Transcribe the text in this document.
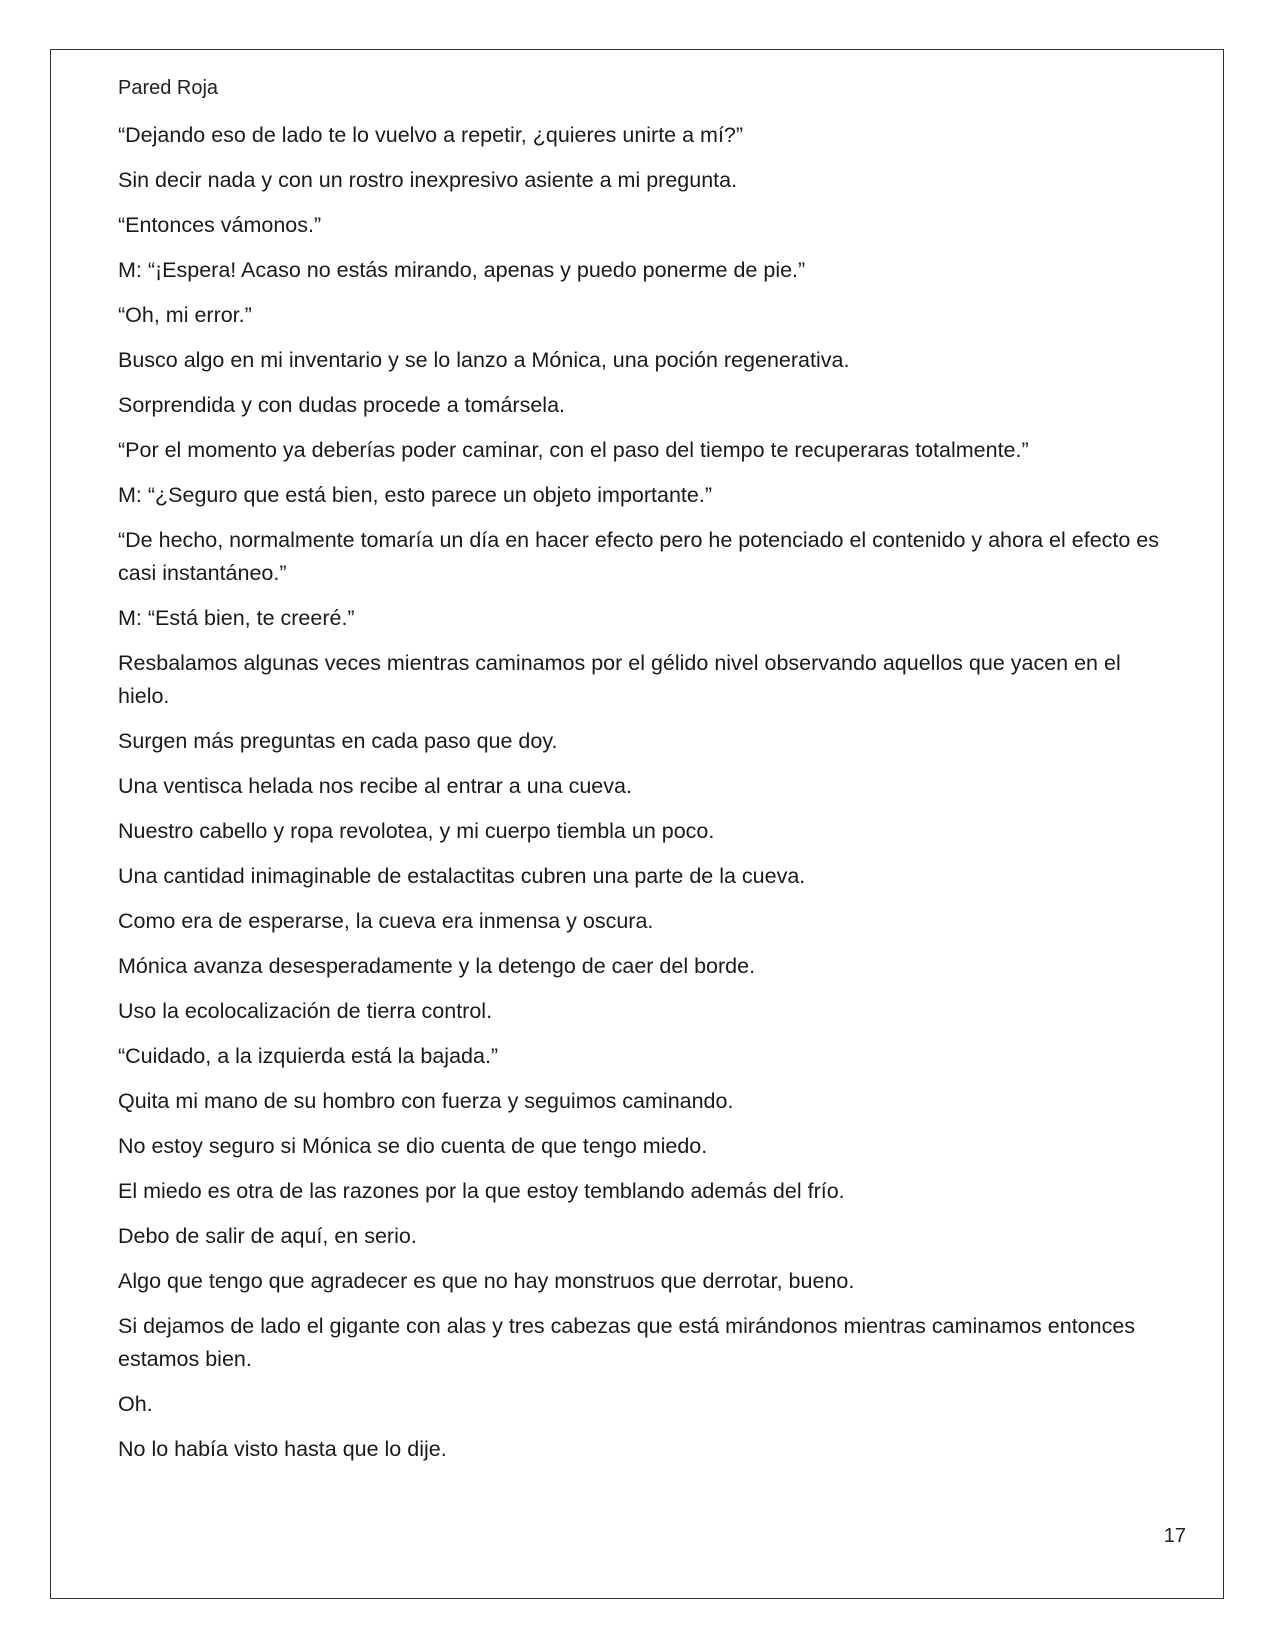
Pared Roja

“Dejando eso de lado te lo vuelvo a repetir, ¿quieres unirte a mí?”

Sin decir nada y con un rostro inexpresivo asiente a mi pregunta.

“Entonces vámonos.”

M: “¡Espera! Acaso no estás mirando, apenas y puedo ponerme de pie.”

“Oh, mi error.”

Busco algo en mi inventario y se lo lanzo a Mónica, una poción regenerativa.

Sorprendida y con dudas procede a tomársela.

“Por el momento ya deberías poder caminar, con el paso del tiempo te recuperaras totalmente.”

M: “¿Seguro que está bien, esto parece un objeto importante.”

“De hecho, normalmente tomaría un día en hacer efecto pero he potenciado el contenido y ahora el efecto es casi instantáneo.”

M: “Está bien, te creeré.”

Resbalamos algunas veces mientras caminamos por el gélido nivel observando aquellos que yacen en el hielo.

Surgen más preguntas en cada paso que doy.

Una ventisca helada nos recibe al entrar a una cueva.

Nuestro cabello y ropa revolotea, y mi cuerpo tiembla un poco.

Una cantidad inimaginable de estalactitas cubren una parte de la cueva.

Como era de esperarse, la cueva era inmensa y oscura.

Mónica avanza desesperadamente y la detengo de caer del borde.

Uso la ecolocalización de tierra control.

“Cuidado, a la izquierda está la bajada.”

Quita mi mano de su hombro con fuerza y seguimos caminando.

No estoy seguro si Mónica se dio cuenta de que tengo miedo.

El miedo es otra de las razones por la que estoy temblando además del frío.

Debo de salir de aquí, en serio.

Algo que tengo que agradecer es que no hay monstruos que derrotar, bueno.

Si dejamos de lado el gigante con alas y tres cabezas que está mirándonos mientras caminamos entonces estamos bien.

Oh.

No lo había visto hasta que lo dije.

17
